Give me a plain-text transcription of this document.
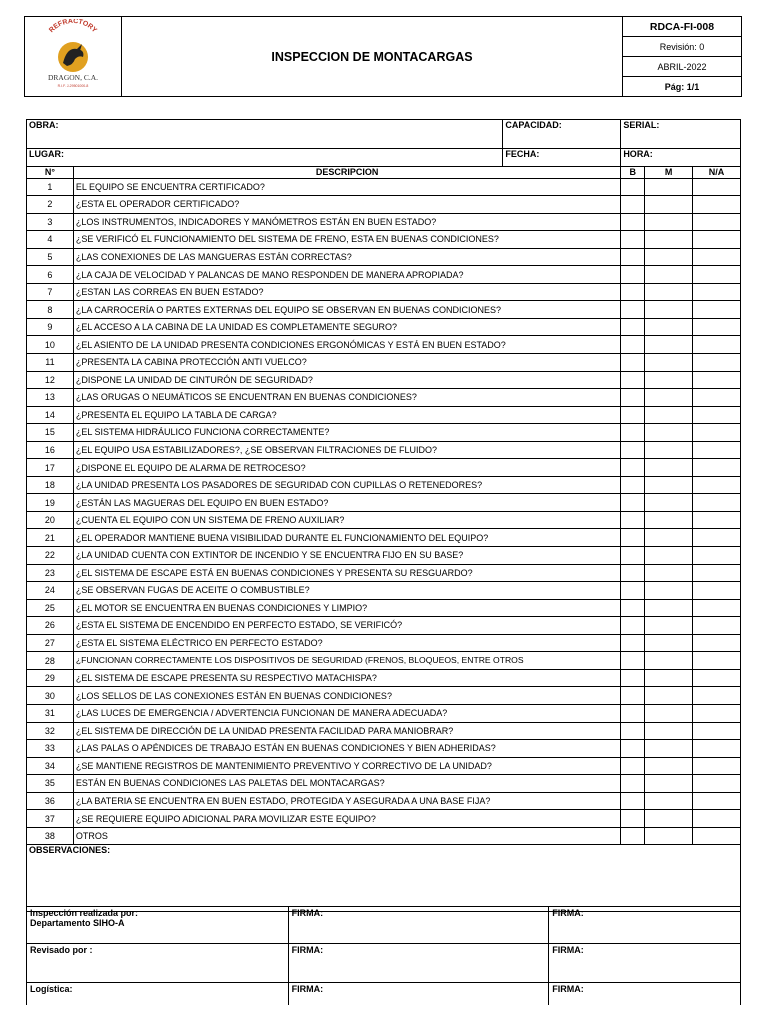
REFRACTORY
DRAGON, C.A.
R.I.F. J-29501000-8
	INSPECCION DE MONTACARGAS	RDCA-FI-008
Revisión: 0
ABRIL-2022
Pág: 1/1
OBRA:		CAPACIDAD:	SERIAL:		
LUGAR:		FECHA:	HORA:		
N°	DESCRIPCION		B	M	N/A
1	EL EQUIPO SE ENCUENTRA CERTIFICADO?				
2	¿ESTA EL OPERADOR CERTIFICADO?				
3	¿LOS INSTRUMENTOS, INDICADORES Y MANÓMETROS ESTÁN EN BUEN ESTADO?				
4	¿SE VERIFICÓ EL FUNCIONAMIENTO DEL SISTEMA DE FRENO, ESTA EN BUENAS CONDICIONES?				
5	¿LAS CONEXIONES DE LAS MANGUERAS ESTÁN CORRECTAS?				
6	¿LA CAJA DE VELOCIDAD Y PALANCAS DE MANO RESPONDEN DE MANERA APROPIADA?				
7	¿ESTAN LAS CORREAS EN BUEN ESTADO?				
8	¿LA CARROCERÍA O PARTES EXTERNAS DEL EQUIPO SE OBSERVAN EN BUENAS CONDICIONES?				
9	¿EL ACCESO A LA CABINA DE LA UNIDAD ES COMPLETAMENTE SEGURO?				
10	¿EL ASIENTO DE LA UNIDAD PRESENTA CONDICIONES ERGONÓMICAS Y ESTÁ EN BUEN ESTADO?				
11	¿PRESENTA LA CABINA PROTECCIÓN ANTI VUELCO?				
12	¿DISPONE LA UNIDAD DE CINTURÓN DE SEGURIDAD?				
13	¿LAS ORUGAS O NEUMÁTICOS SE ENCUENTRAN EN BUENAS CONDICIONES?				
14	¿PRESENTA EL EQUIPO LA TABLA DE CARGA?				
15	¿EL SISTEMA HIDRÁULICO FUNCIONA CORRECTAMENTE?				
16	¿EL EQUIPO USA ESTABILIZADORES?, ¿SE OBSERVAN FILTRACIONES DE FLUIDO?				
17	¿DISPONE EL EQUIPO DE ALARMA DE RETROCESO?				
18	¿LA UNIDAD PRESENTA LOS PASADORES DE SEGURIDAD CON CUPILLAS O RETENEDORES?				
19	¿ESTÁN LAS MAGUERAS DEL EQUIPO EN BUEN ESTADO?				
20	¿CUENTA EL EQUIPO CON UN SISTEMA DE FRENO AUXILIAR?				
21	¿EL OPERADOR MANTIENE BUENA VISIBILIDAD DURANTE EL FUNCIONAMIENTO DEL EQUIPO?				
22	¿LA UNIDAD CUENTA CON EXTINTOR DE INCENDIO Y SE ENCUENTRA FIJO EN SU BASE?				
23	¿EL SISTEMA DE ESCAPE ESTÁ EN BUENAS CONDICIONES Y PRESENTA SU RESGUARDO?				
24	¿SE OBSERVAN FUGAS DE ACEITE O COMBUSTIBLE?				
25	¿EL MOTOR SE ENCUENTRA EN BUENAS CONDICIONES Y LIMPIO?				
26	¿ESTA EL SISTEMA DE ENCENDIDO EN PERFECTO ESTADO, SE VERIFICÓ?				
27	¿ESTA EL SISTEMA ELÉCTRICO EN PERFECTO ESTADO?				
28	¿FUNCIONAN CORRECTAMENTE LOS DISPOSITIVOS DE SEGURIDAD (FRENOS, BLOQUEOS, ENTRE OTROS				
29	¿EL SISTEMA DE ESCAPE PRESENTA SU RESPECTIVO MATACHISPA?				
30	¿LOS SELLOS DE LAS CONEXIONES ESTÁN EN BUENAS CONDICIONES?				
31	¿LAS LUCES DE EMERGENCIA / ADVERTENCIA FUNCIONAN DE MANERA ADECUADA?				
32	¿EL SISTEMA DE DIRECCIÓN DE LA UNIDAD PRESENTA FACILIDAD PARA MANIOBRAR?				
33	¿LAS PALAS O APÉNDICES DE TRABAJO ESTÁN EN BUENAS CONDICIONES Y BIEN ADHERIDAS?				
34	¿SE MANTIENE REGISTROS DE MANTENIMIENTO PREVENTIVO Y CORRECTIVO DE LA UNIDAD?				
35	ESTÁN EN BUENAS CONDICIONES LAS PALETAS DEL MONTACARGAS?				
36	¿LA BATERIA SE ENCUENTRA EN BUEN ESTADO, PROTEGIDA Y ASEGURADA A UNA BASE FIJA?				
37	¿SE REQUIERE EQUIPO ADICIONAL PARA MOVILIZAR ESTE EQUIPO?				
38	OTROS				
OBSERVACIONES:					
Inspección realizada por:
Departamento SIHO-A	FIRMA:	FIRMA:
Revisado por :	FIRMA:	FIRMA:
Logística:	FIRMA:	FIRMA:
